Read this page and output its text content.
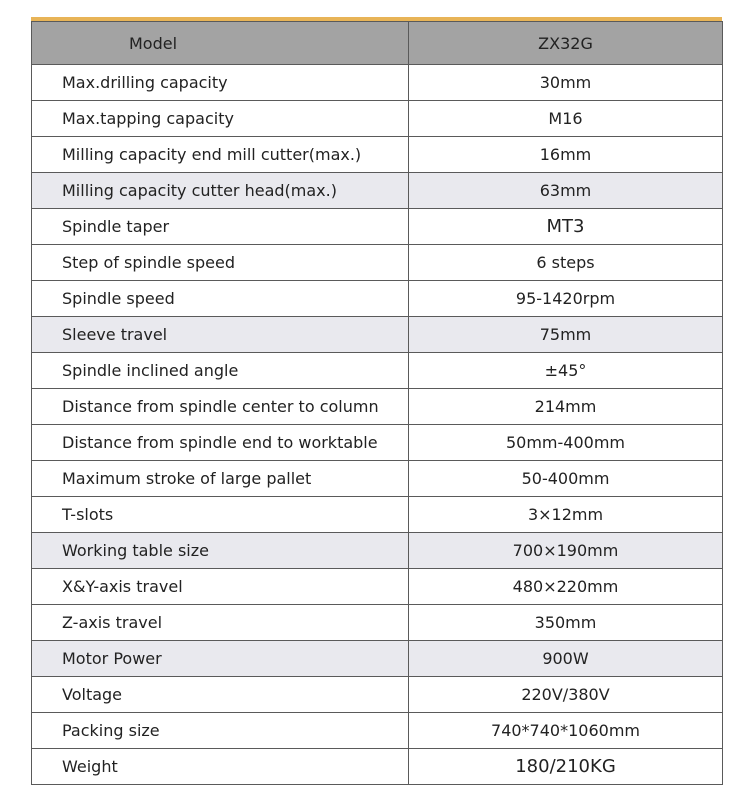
Model	ZX32G
Max.drilling capacity	30mm
Max.tapping capacity	M16
Milling capacity end mill cutter(max.)	16mm
Milling capacity cutter head(max.)	63mm
Spindle taper	MT3
Step of spindle speed	6 steps
Spindle speed	95-1420rpm
Sleeve travel	75mm
Spindle inclined angle	±45°
Distance from spindle center to column	214mm
Distance from spindle end to worktable	50mm-400mm
Maximum stroke of large pallet	50-400mm
T-slots	3×12mm
Working table size	700×190mm
X&Y-axis travel	480×220mm
Z-axis travel	350mm
Motor Power	900W
Voltage	220V/380V
Packing size	740*740*1060mm
Weight	180/210KG
